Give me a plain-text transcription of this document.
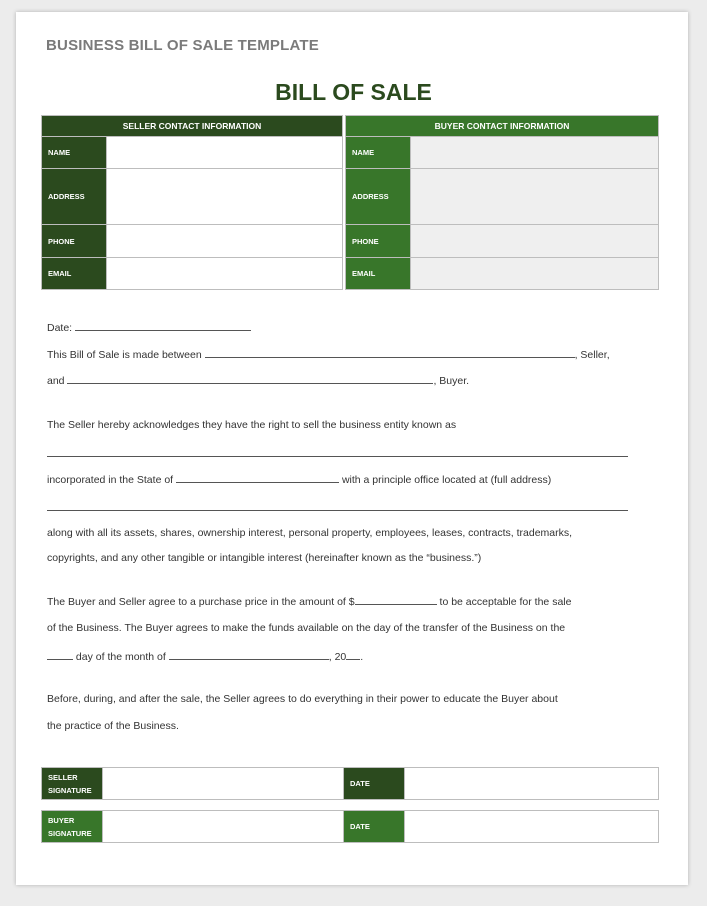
BUSINESS BILL OF SALE TEMPLATE
BILL OF SALE
SELLER CONTACT INFORMATION	
NAME	
ADDRESS	
PHONE	
EMAIL	
BUYER CONTACT INFORMATION	
NAME	
ADDRESS	
PHONE	
EMAIL	
Date:
This Bill of Sale is made between	, Seller,
and	, Buyer.
The Seller hereby acknowledges they have the right to sell the business entity known as
incorporated in the State of	with a principle office located at (full address)
along with all its assets, shares, ownership interest, personal property, employees, leases, contracts, trademarks,
copyrights, and any other tangible or intangible interest (hereinafter known as the “business.”)
The Buyer and Seller agree to a purchase price in the amount of $	to be acceptable for the sale
of the Business. The Buyer agrees to make the funds available on the day of the transfer of the Business on the
day of the month of	, 20 .
Before, during, and after the sale, the Seller agrees to do everything in their power to educate the Buyer about
the practice of the Business.
SELLER
SIGNATURE		DATE	
BUYER
SIGNATURE		DATE	
